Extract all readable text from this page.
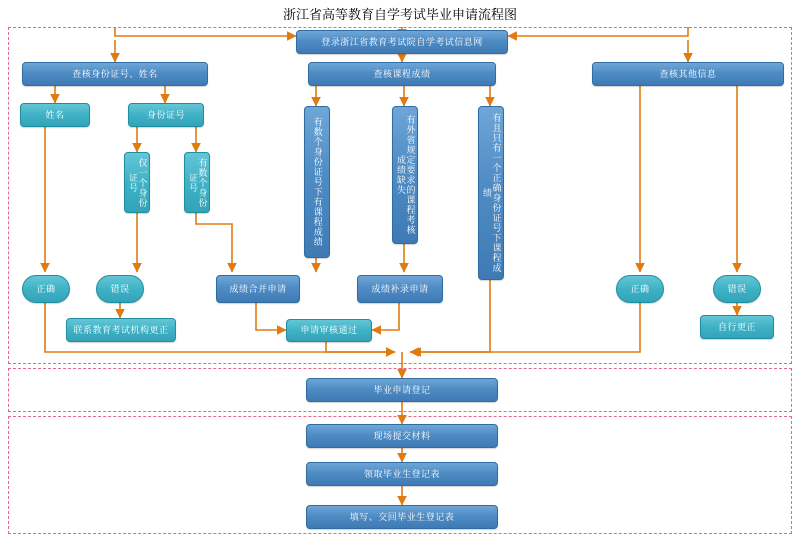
浙江省高等教育自学考试毕业申请流程图
登录浙江省教育考试院自学考试信息网
查核身份证号、姓名	查核课程成绩	查核其他信息
姓名	身份证号
仅一个身份证号	有数个身份证号	有数个身份证号下有课程成绩	有外省规定要求的课程考核成绩缺失	有且只有一个正确身份证号下课程成绩
正确	错误
联系教育考试机构更正
成绩合并申请	成绩补录申请
申请审核通过
正确	错误
自行更正
毕业申请登记
现场提交材料
领取毕业生登记表
填写、交回毕业生登记表
